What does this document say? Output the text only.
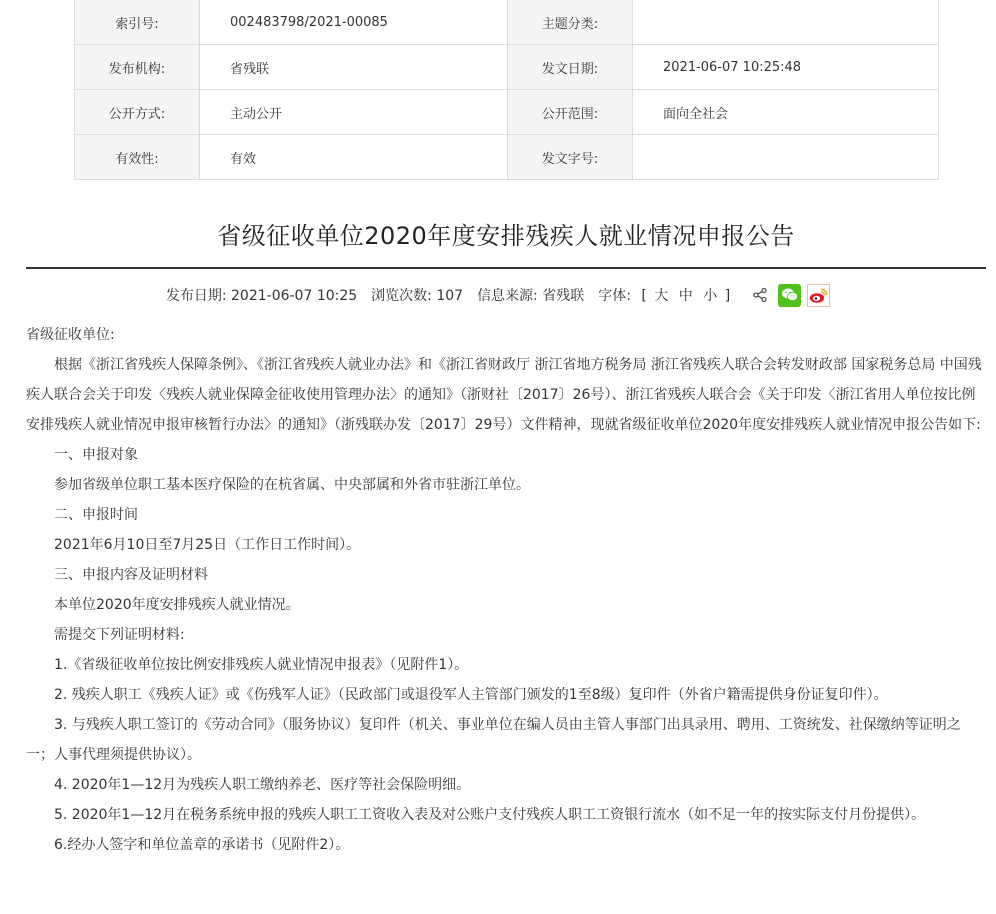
索引号:	002483798/2021-00085	主题分类:	
发布机构:	省残联	发文日期:	2021-06-07 10:25:48
公开方式:	主动公开	公开范围:	面向全社会
有效性:	有效	发文字号:	
省级征收单位2020年度安排残疾人就业情况申报公告
发布日期: 2021-06-07 10:25 浏览次数: 107 信息来源: 省残联 字体: [ 大 中 小 ]

省级征收单位:

根据《浙江省残疾人保障条例》、《浙江省残疾人就业办法》和《浙江省财政厅 浙江省地方税务局 浙江省残疾人联合会转发财政部 国家税务总局 中国残疾人联合会关于印发〈残疾人就业保障金征收使用管理办法〉的通知》（浙财社〔2017〕26号）、浙江省残疾人联合会《关于印发〈浙江省用人单位按比例安排残疾人就业情况申报审核暂行办法〉的通知》（浙残联办发〔2017〕29号）文件精神，现就省级征收单位2020年度安排残疾人就业情况申报公告如下:

一、申报对象

参加省级单位职工基本医疗保险的在杭省属、中央部属和外省市驻浙江单位。

二、申报时间

2021年6月10日至7月25日（工作日工作时间）。

三、申报内容及证明材料

本单位2020年度安排残疾人就业情况。

需提交下列证明材料:

1.《省级征收单位按比例安排残疾人就业情况申报表》（见附件1）。

2. 残疾人职工《残疾人证》或《伤残军人证》（民政部门或退役军人主管部门颁发的1至8级）复印件（外省户籍需提供身份证复印件）。

3. 与残疾人职工签订的《劳动合同》（服务协议）复印件（机关、事业单位在编人员由主管人事部门出具录用、聘用、工资统发、社保缴纳等证明之一；人事代理须提供协议）。

4. 2020年1—12月为残疾人职工缴纳养老、医疗等社会保险明细。

5. 2020年1—12月在税务系统申报的残疾人职工工资收入表及对公账户支付残疾人职工工资银行流水（如不足一年的按实际支付月份提供）。

6.经办人签字和单位盖章的承诺书（见附件2）。
